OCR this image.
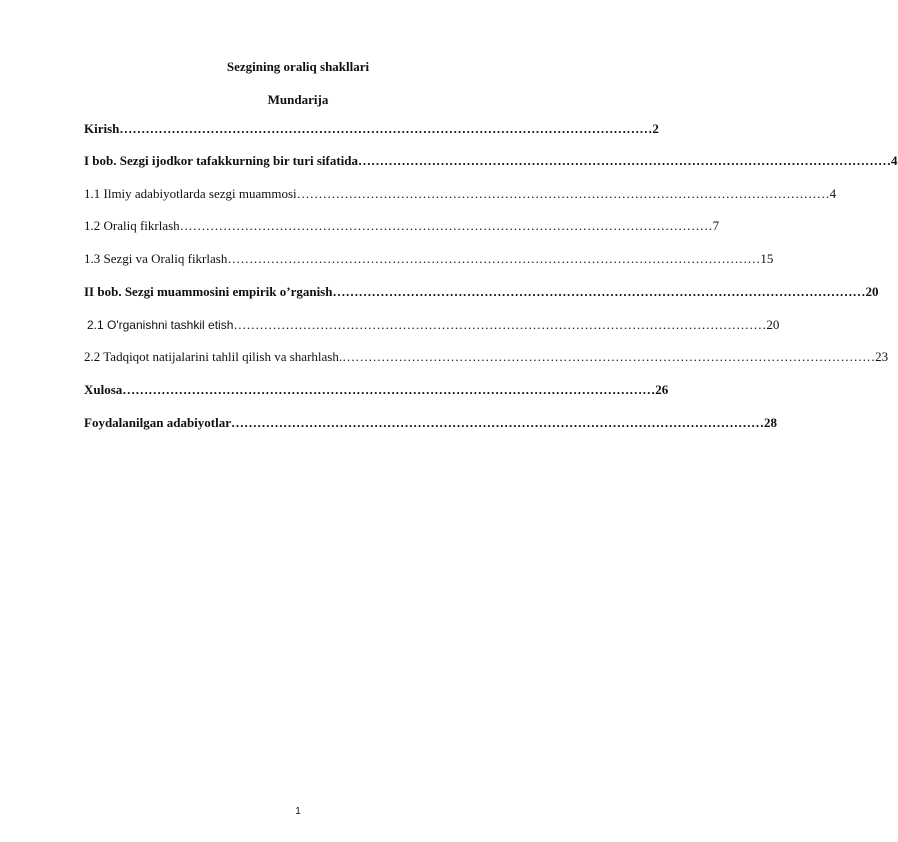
Sezgining oraliq shakllari
Mundarija
Kirish …………………………………………………………………………………………………………… 2
I bob. Sezgi ijodkor tafakkurning bir turi sifatida …………………………………………………………………………………………………………… 4
1.1 Ilmiy adabiyotlarda sezgi muammosi …………………………………………………………………………………………………………… 4
1.2 Oraliq fikrlash …………………………………………………………………………………………………………… 7
1.3 Sezgi va Oraliq fikrlash …………………………………………………………………………………………………………… 15
II bob. Sezgi muammosini empirik o’rganish …………………………………………………………………………………………………………… 20
2.1 O'rganishni tashkil etish …………………………………………………………………………………………………………… 20
2.2 Tadqiqot natijalarini tahlil qilish va sharhlash. …………………………………………………………………………………………………………… 23
Xulosa …………………………………………………………………………………………………………… 26
Foydalanilgan adabiyotlar …………………………………………………………………………………………………………… 28
1
